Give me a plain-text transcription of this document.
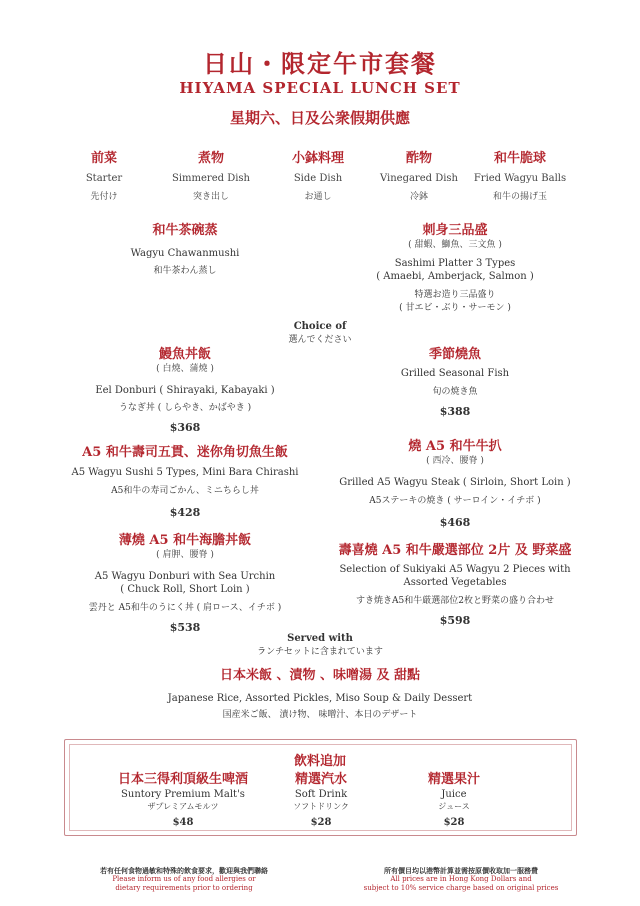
日山・限定午市套餐
HIYAMA SPECIAL LUNCH SET
星期六、日及公衆假期供應
前菜
Starter
先付け
煮物
Simmered Dish
突き出し
小鉢料理
Side Dish
お通し
酢物
Vinegared Dish
冷鉢
和牛脆球
Fried Wagyu Balls
和牛の揚げ玉
和牛茶碗蒸
Wagyu Chawanmushi
和牛茶わん蒸し
刺身三品盛
( 甜蝦、鰤魚、三文魚 )
Sashimi Platter 3 Types
( Amaebi, Amberjack, Salmon )
特選お造り三品盛り
( 甘エビ・ぶり・サーモン )
Choice of
選んでください
鰻魚丼飯
( 白燒、蒲燒 )
Eel Donburi ( Shirayaki, Kabayaki )
うなぎ丼 ( しらやき、かばやき )
$368
季節燒魚
Grilled Seasonal Fish
旬の焼き魚
$388
A5 和牛壽司五貫、迷你角切魚生飯
A5 Wagyu Sushi 5 Types, Mini Bara Chirashi
A5和牛の寿司ごかん、ミニちらし丼
$428
燒 A5 和牛牛扒
( 西冷、腰脊 )
Grilled A5 Wagyu Steak ( Sirloin, Short Loin )
A5ステーキの焼き ( サーロイン・イチボ )
$468
薄燒 A5 和牛海膽丼飯
( 肩胛、腰脊 )
A5 Wagyu Donburi with Sea Urchin
( Chuck Roll, Short Loin )
雲丹と A5和牛のうにく丼 ( 肩ロース、イチボ )
$538
壽喜燒 A5 和牛嚴選部位 2片 及 野菜盛
Selection of Sukiyaki A5 Wagyu 2 Pieces with
Assorted Vegetables
すき焼きA5和牛厳選部位2枚と野菜の盛り合わせ
$598
Served with
ランチセットに含まれています
日本米飯 、漬物 、味噌湯 及 甜點
Japanese Rice, Assorted Pickles, Miso Soup & Daily Dessert
国産米ご飯、 漬け物、 味噌汁、本日のデザート
飲料追加
日本三得利頂級生啤酒
Suntory Premium Malt's
ザプレミアムモルツ
$48
精選汽水
Soft Drink
ソフトドリンク
$28
精選果汁
Juice
ジュース
$28
若有任何食物過敏和特殊的飲食要求，歡迎與我們聯絡
Please inform us of any food allergies or
dietary requirements prior to ordering
所有價目均以港幣計算並需按原價收取加一服務費
All prices are in Hong Kong Dollars and
subject to 10% service charge based on original prices
